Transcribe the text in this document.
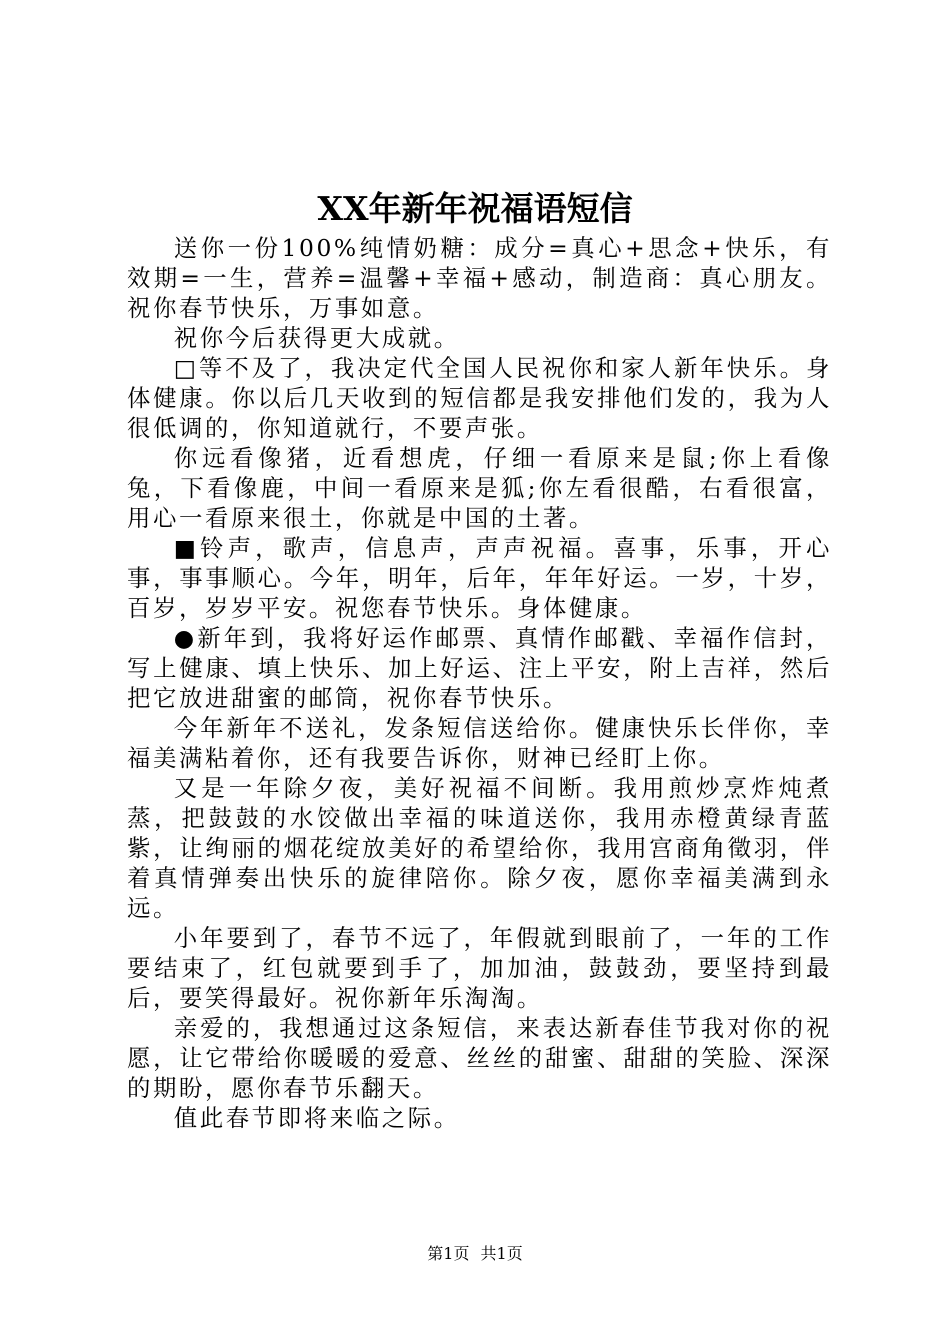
XX年新年祝福语短信

送你一份100%纯情奶糖：成分=真心+思念+快乐，有效期=一生，营养=温馨+幸福+感动，制造商：真心朋友。祝你春节快乐，万事如意。

祝你今后获得更大成就。

□等不及了，我决定代全国人民祝你和家人新年快乐。身体健康。你以后几天收到的短信都是我安排他们发的，我为人很低调的，你知道就行，不要声张。

你远看像猪，近看想虎，仔细一看原来是鼠;你上看像兔，下看像鹿，中间一看原来是狐;你左看很酷，右看很富，用心一看原来很土，你就是中国的土著。

■铃声，歌声，信息声，声声祝福。喜事，乐事，开心事，事事顺心。今年，明年，后年，年年好运。一岁，十岁，百岁，岁岁平安。祝您春节快乐。身体健康。

●新年到，我将好运作邮票、真情作邮戳、幸福作信封，写上健康、填上快乐、加上好运、注上平安，附上吉祥，然后把它放进甜蜜的邮筒，祝你春节快乐。

今年新年不送礼，发条短信送给你。健康快乐长伴你，幸福美满粘着你，还有我要告诉你，财神已经盯上你。

又是一年除夕夜，美好祝福不间断。我用煎炒烹炸炖煮蒸，把鼓鼓的水饺做出幸福的味道送你，我用赤橙黄绿青蓝紫，让绚丽的烟花绽放美好的希望给你，我用宫商角徵羽，伴着真情弹奏出快乐的旋律陪你。除夕夜，愿你幸福美满到永远。

小年要到了，春节不远了，年假就到眼前了，一年的工作要结束了，红包就要到手了，加加油，鼓鼓劲，要坚持到最后，要笑得最好。祝你新年乐淘淘。

亲爱的，我想通过这条短信，来表达新春佳节我对你的祝愿，让它带给你暖暖的爱意、丝丝的甜蜜、甜甜的笑脸、深深的期盼，愿你春节乐翻天。

值此春节即将来临之际。

第1页 共1页
